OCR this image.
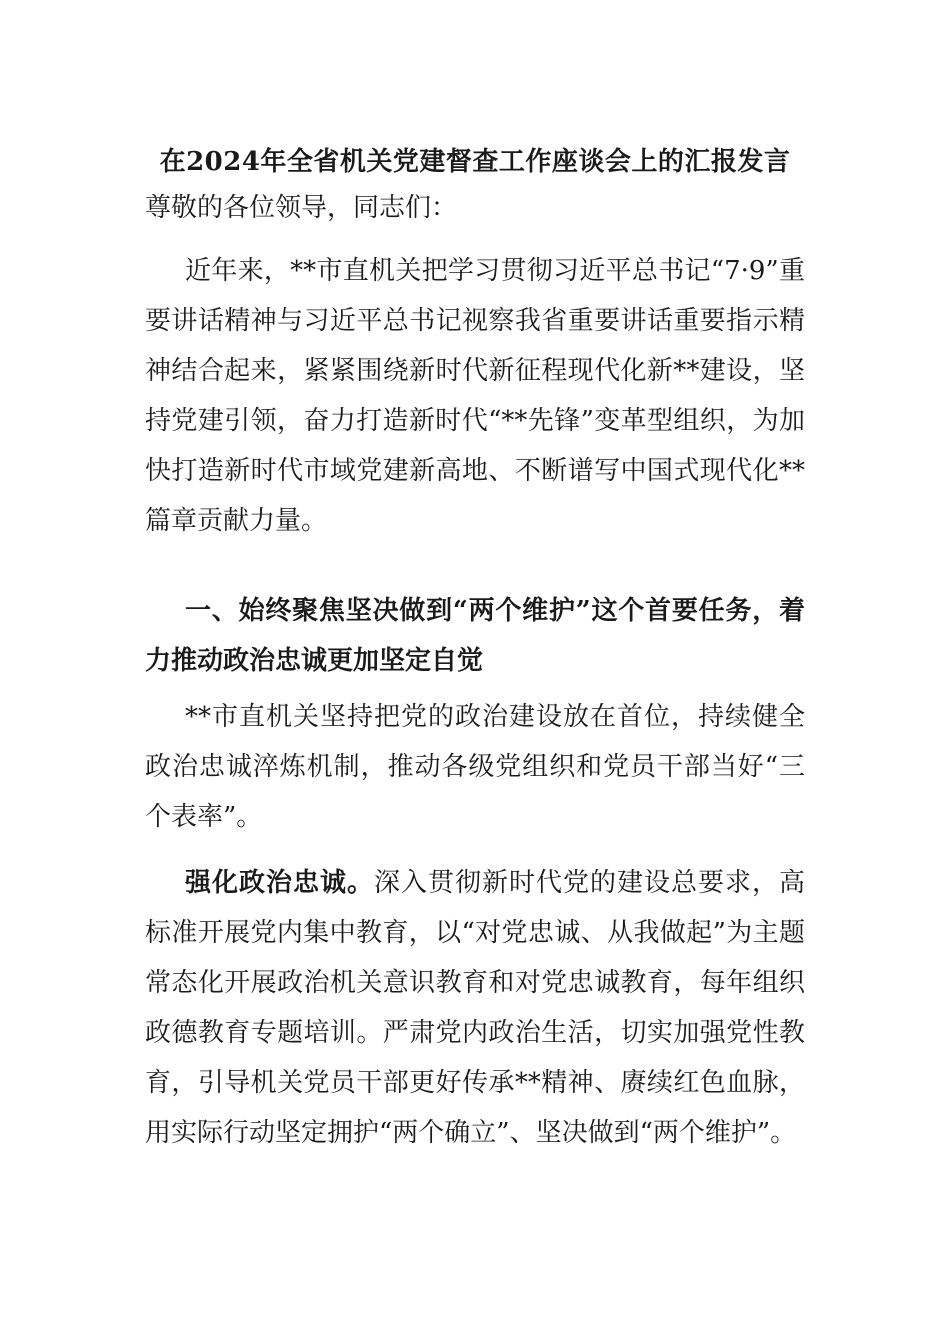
在2024年全省机关党建督查工作座谈会上的汇报发言
尊敬的各位领导，同志们：
近年来，**市直机关把学习贯彻习近平总书记“7·9”重要讲话精神与习近平总书记视察我省重要讲话重要指示精神结合起来，紧紧围绕新时代新征程现代化新**建设，坚持党建引领，奋力打造新时代“**先锋”变革型组织，为加快打造新时代市域党建新高地、不断谱写中国式现代化**篇章贡献力量。
一、始终聚焦坚决做到“两个维护”这个首要任务，着力推动政治忠诚更加坚定自觉
**市直机关坚持把党的政治建设放在首位，持续健全政治忠诚淬炼机制，推动各级党组织和党员干部当好“三个表率”。
强化政治忠诚。深入贯彻新时代党的建设总要求，高标准开展党内集中教育，以“对党忠诚、从我做起”为主题常态化开展政治机关意识教育和对党忠诚教育，每年组织政德教育专题培训。严肃党内政治生活，切实加强党性教育，引导机关党员干部更好传承**精神、赓续红色血脉，用实际行动坚定拥护“两个确立”、坚决做到“两个维护”。
